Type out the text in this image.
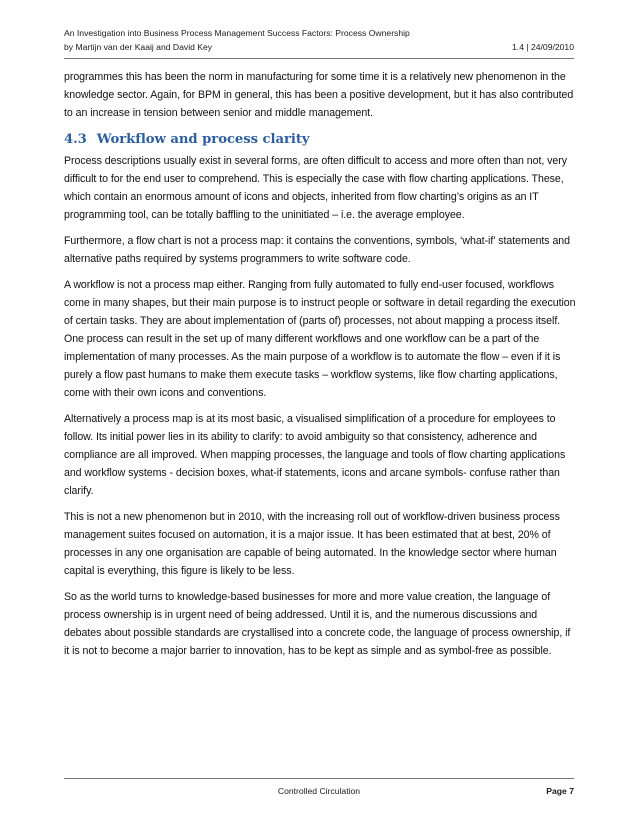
An Investigation into Business Process Management Success Factors: Process Ownership
by Martijn van der Kaaij and David Key	1.4 | 24/09/2010

programmes this has been the norm in manufacturing for some time it is a relatively new phenomenon in the knowledge sector. Again, for BPM in general, this has been a positive development, but it has also contributed to an increase in tension between senior and middle management.

4.3 Workflow and process clarity

Process descriptions usually exist in several forms, are often difficult to access and more often than not, very difficult to for the end user to comprehend. This is especially the case with flow charting applications. These, which contain an enormous amount of icons and objects, inherited from flow charting’s origins as an IT programming tool, can be totally baffling to the uninitiated – i.e. the average employee.

Furthermore, a flow chart is not a process map: it contains the conventions, symbols, ‘what-if’ statements and alternative paths required by systems programmers to write software code.

A workflow is not a process map either. Ranging from fully automated to fully end-user focused, workflows come in many shapes, but their main purpose is to instruct people or software in detail regarding the execution of certain tasks. They are about implementation of (parts of) processes, not about mapping a process itself. One process can result in the set up of many different workflows and one workflow can be a part of the implementation of many processes. As the main purpose of a workflow is to automate the flow – even if it is purely a flow past humans to make them execute tasks – workflow systems, like flow charting applications, come with their own icons and conventions.

Alternatively a process map is at its most basic, a visualised simplification of a procedure for employees to follow. Its initial power lies in its ability to clarify: to avoid ambiguity so that consistency, adherence and compliance are all improved. When mapping processes, the language and tools of flow charting applications and workflow systems - decision boxes, what-if statements, icons and arcane symbols- confuse rather than clarify.

This is not a new phenomenon but in 2010, with the increasing roll out of workflow-driven business process management suites focused on automation, it is a major issue. It has been estimated that at best, 20% of processes in any one organisation are capable of being automated. In the knowledge sector where human capital is everything, this figure is likely to be less.

So as the world turns to knowledge-based businesses for more and more value creation, the language of process ownership is in urgent need of being addressed. Until it is, and the numerous discussions and debates about possible standards are crystallised into a concrete code, the language of process ownership, if it is not to become a major barrier to innovation, has to be kept as simple and as symbol-free as possible.

Controlled Circulation	Page 7
